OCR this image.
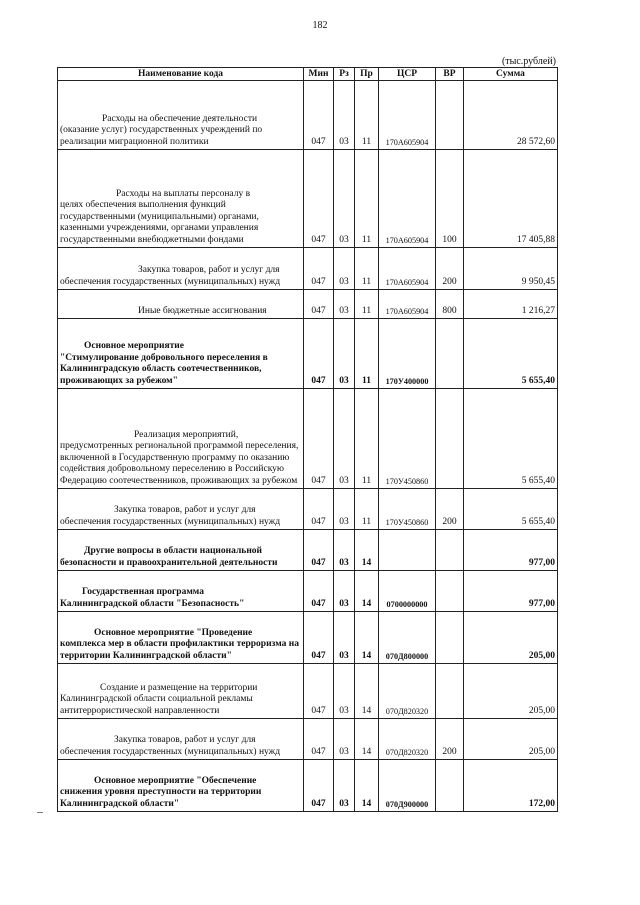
182
(тыс.рублей)
Наименование кода	Мин	Рз	Пр	ЦСР	ВР	Сумма

Расходы на обеспечение деятельности
(оказание услуг) государственных учреждений по реализации миграционной политики	047	03	11	170A605904		28 572,60

Расходы на выплаты персоналу в
целях обеспечения выполнения функций государственными (муниципальными) органами, казенными учреждениями, органами управления государственными внебюджетными фондами	047	03	11	170A605904	100	17 405,88

Закупка товаров, работ и услуг для
обеспечения государственных (муниципальных) нужд	047	03	11	170A605904	200	9 950,45

Иные бюджетные ассигнования	047	03	11	170A605904	800	1 216,27

Основное мероприятие
"Стимулирование добровольного переселения в Калининградскую область соотечественников, проживающих за рубежом"	047	03	11	170У400000		5 655,40

Реализация мероприятий,
предусмотренных региональной программой переселения, включенной в Государственную программу по оказанию содействия добровольному переселению в Российскую Федерацию соотечественников, проживающих за рубежом	047	03	11	170У450860		5 655,40

Закупка товаров, работ и услуг для
обеспечения государственных (муниципальных) нужд	047	03	11	170У450860	200	5 655,40

Другие вопросы в области национальной
безопасности и правоохранительной деятельности	047	03	14			977,00

Государственная программа
Калининградской области "Безопасность"	047	03	14	0700000000		977,00

Основное мероприятие "Проведение
комплекса мер в области профилактики терроризма на территории Калининградской области"	047	03	14	070Д800000		205,00

Создание и размещение на территории
Калининградской области социальной рекламы антитеррористической направленности	047	03	14	070Д820320		205,00

Закупка товаров, работ и услуг для
обеспечения государственных (муниципальных) нужд	047	03	14	070Д820320	200	205,00

Основное мероприятие "Обеспечение
снижения уровня преступности на территории Калининградской области"	047	03	14	070Д900000		172,00
